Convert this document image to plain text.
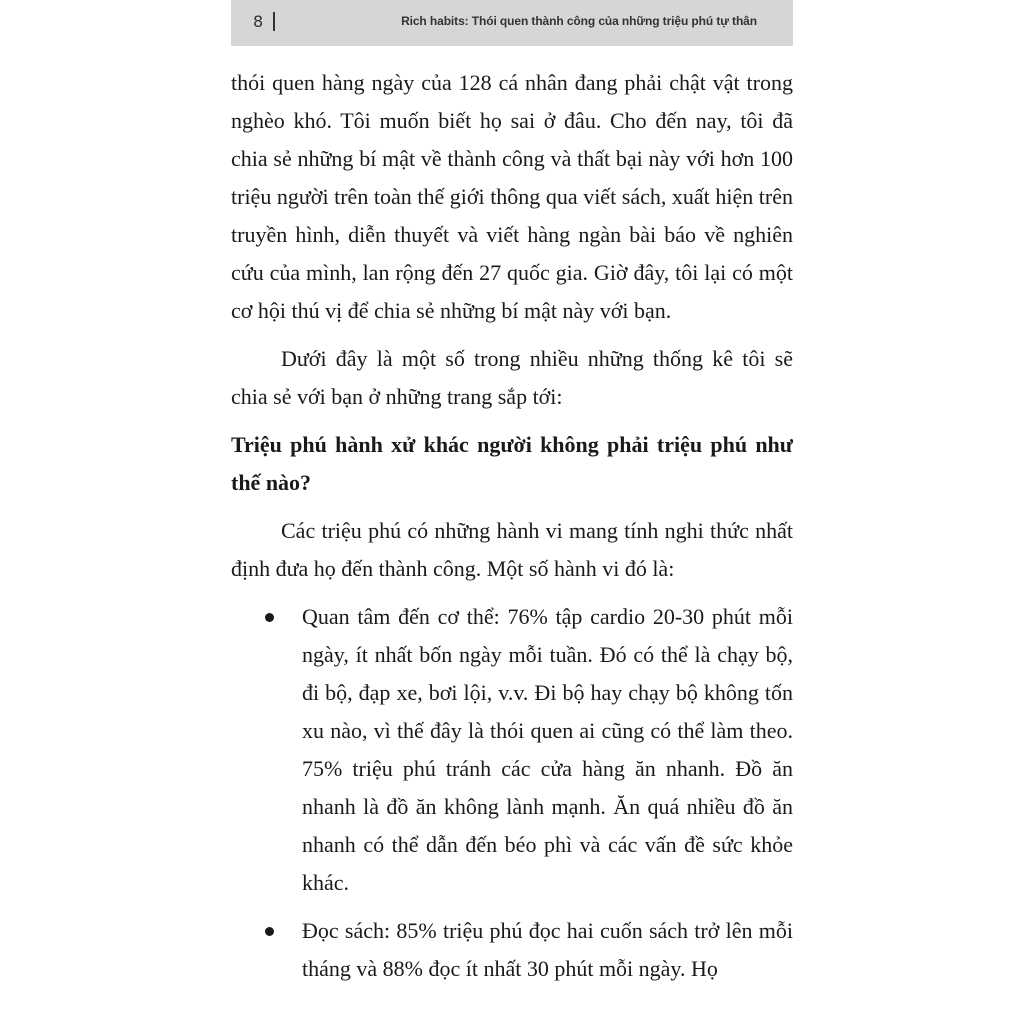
8	Rich habits: Thói quen thành công của những triệu phú tự thân

thói quen hàng ngày của 128 cá nhân đang phải chật vật trong nghèo khó. Tôi muốn biết họ sai ở đâu. Cho đến nay, tôi đã chia sẻ những bí mật về thành công và thất bại này với hơn 100 triệu người trên toàn thế giới thông qua viết sách, xuất hiện trên truyền hình, diễn thuyết và viết hàng ngàn bài báo về nghiên cứu của mình, lan rộng đến 27 quốc gia. Giờ đây, tôi lại có một cơ hội thú vị để chia sẻ những bí mật này với bạn.

Dưới đây là một số trong nhiều những thống kê tôi sẽ chia sẻ với bạn ở những trang sắp tới:

Triệu phú hành xử khác người không phải triệu phú như thế nào?

Các triệu phú có những hành vi mang tính nghi thức nhất định đưa họ đến thành công. Một số hành vi đó là:

Quan tâm đến cơ thể: 76% tập cardio 20-30 phút mỗi ngày, ít nhất bốn ngày mỗi tuần. Đó có thể là chạy bộ, đi bộ, đạp xe, bơi lội, v.v. Đi bộ hay chạy bộ không tốn xu nào, vì thế đây là thói quen ai cũng có thể làm theo. 75% triệu phú tránh các cửa hàng ăn nhanh. Đồ ăn nhanh là đồ ăn không lành mạnh. Ăn quá nhiều đồ ăn nhanh có thể dẫn đến béo phì và các vấn đề sức khỏe khác.
Đọc sách: 85% triệu phú đọc hai cuốn sách trở lên mỗi tháng và 88% đọc ít nhất 30 phút mỗi ngày. Họ
